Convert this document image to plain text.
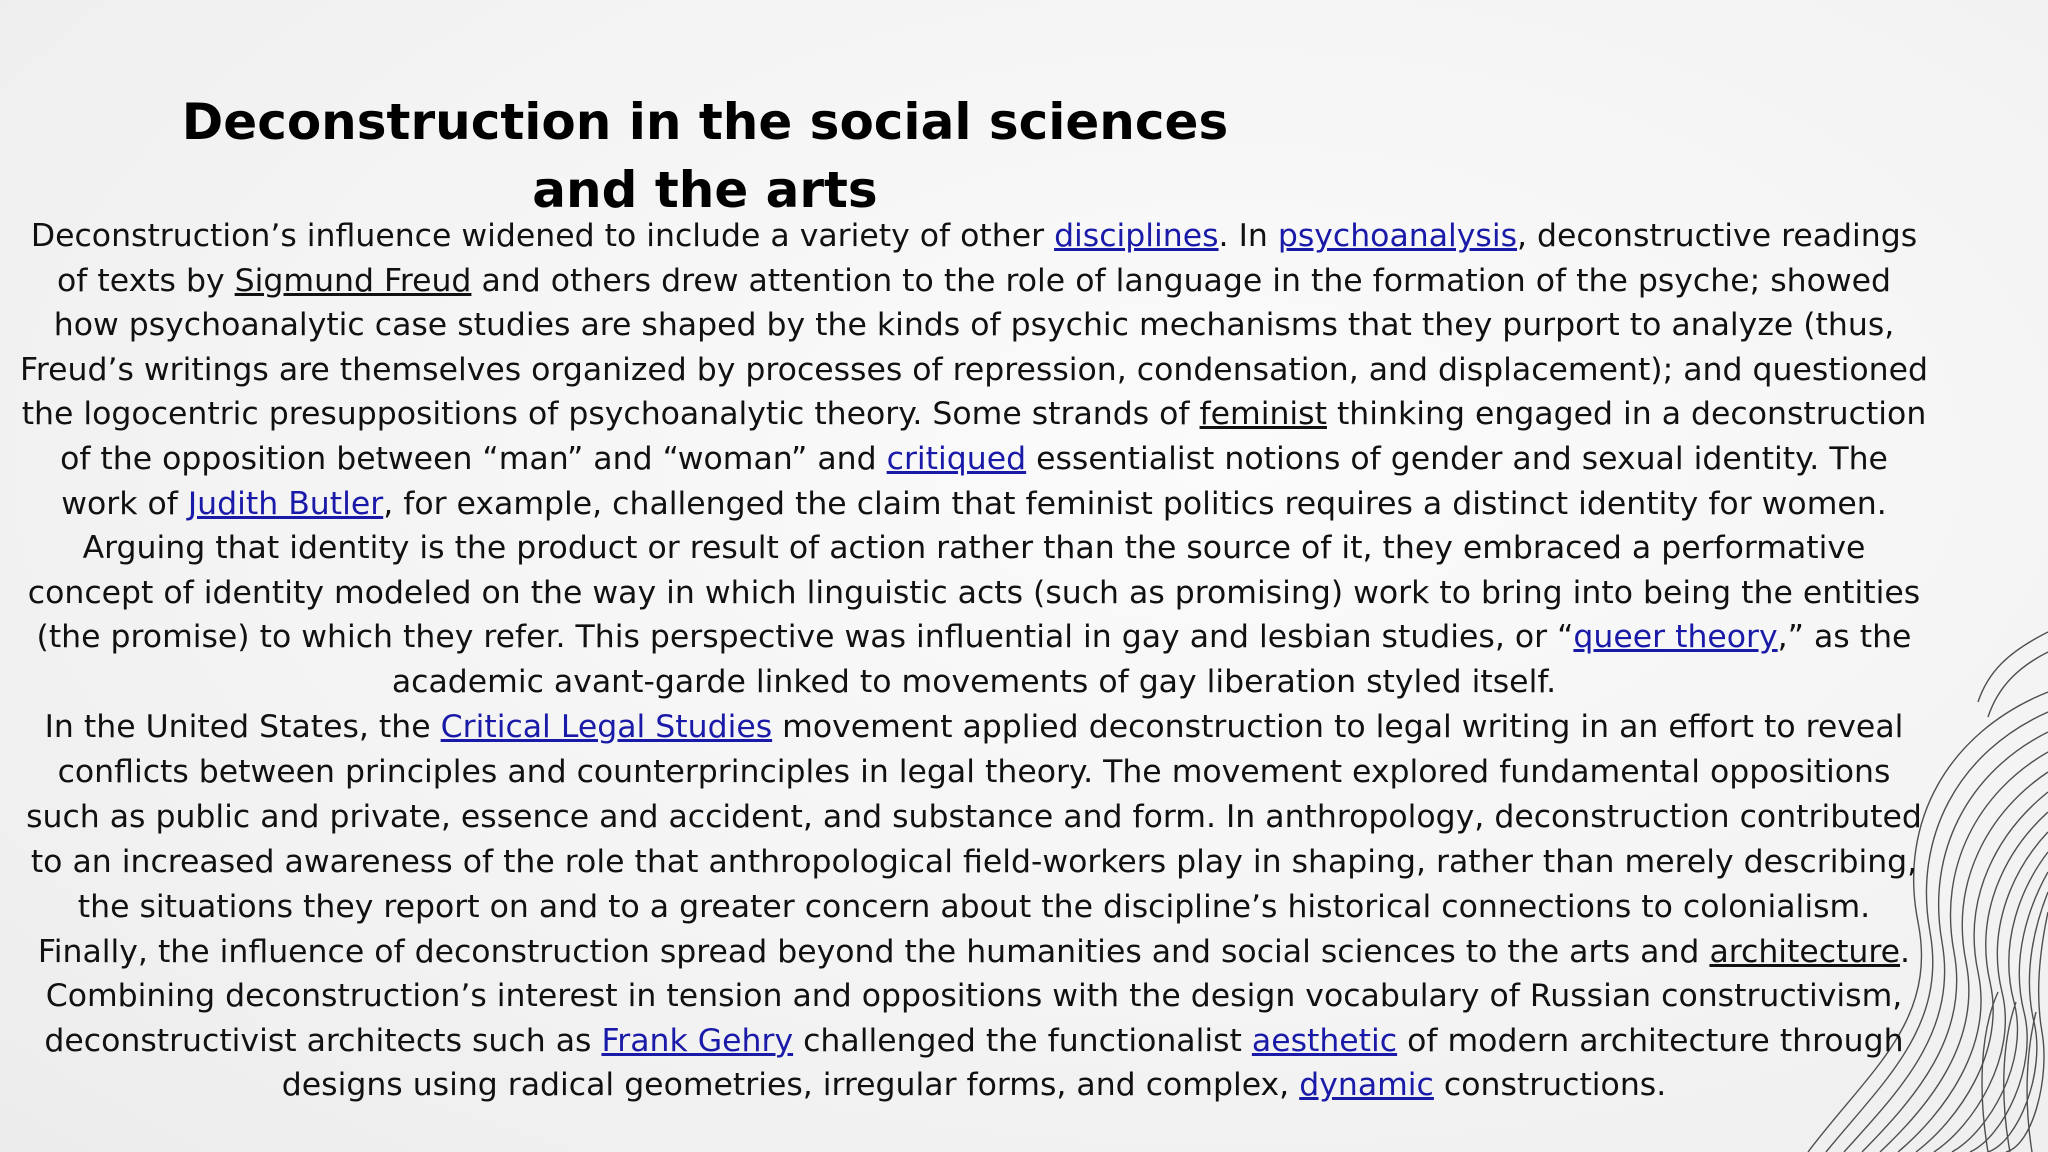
Deconstruction in the social sciences and the arts

Deconstruction’s influence widened to include a variety of other disciplines. In psychoanalysis, deconstructive readings of texts by Sigmund Freud and others drew attention to the role of language in the formation of the psyche; showed how psychoanalytic case studies are shaped by the kinds of psychic mechanisms that they purport to analyze (thus, Freud’s writings are themselves organized by processes of repression, condensation, and displacement); and questioned the logocentric presuppositions of psychoanalytic theory. Some strands of feminist thinking engaged in a deconstruction of the opposition between “man” and “woman” and critiqued essentialist notions of gender and sexual identity. The work of Judith Butler, for example, challenged the claim that feminist politics requires a distinct identity for women. Arguing that identity is the product or result of action rather than the source of it, they embraced a performative concept of identity modeled on the way in which linguistic acts (such as promising) work to bring into being the entities (the promise) to which they refer. This perspective was influential in gay and lesbian studies, or “queer theory,” as the academic avant-garde linked to movements of gay liberation styled itself.

In the United States, the Critical Legal Studies movement applied deconstruction to legal writing in an effort to reveal conflicts between principles and counterprinciples in legal theory. The movement explored fundamental oppositions such as public and private, essence and accident, and substance and form. In anthropology, deconstruction contributed to an increased awareness of the role that anthropological field-workers play in shaping, rather than merely describing, the situations they report on and to a greater concern about the discipline’s historical connections to colonialism.

Finally, the influence of deconstruction spread beyond the humanities and social sciences to the arts and architecture. Combining deconstruction’s interest in tension and oppositions with the design vocabulary of Russian constructivism, deconstructivist architects such as Frank Gehry challenged the functionalist aesthetic of modern architecture through designs using radical geometries, irregular forms, and complex, dynamic constructions.
